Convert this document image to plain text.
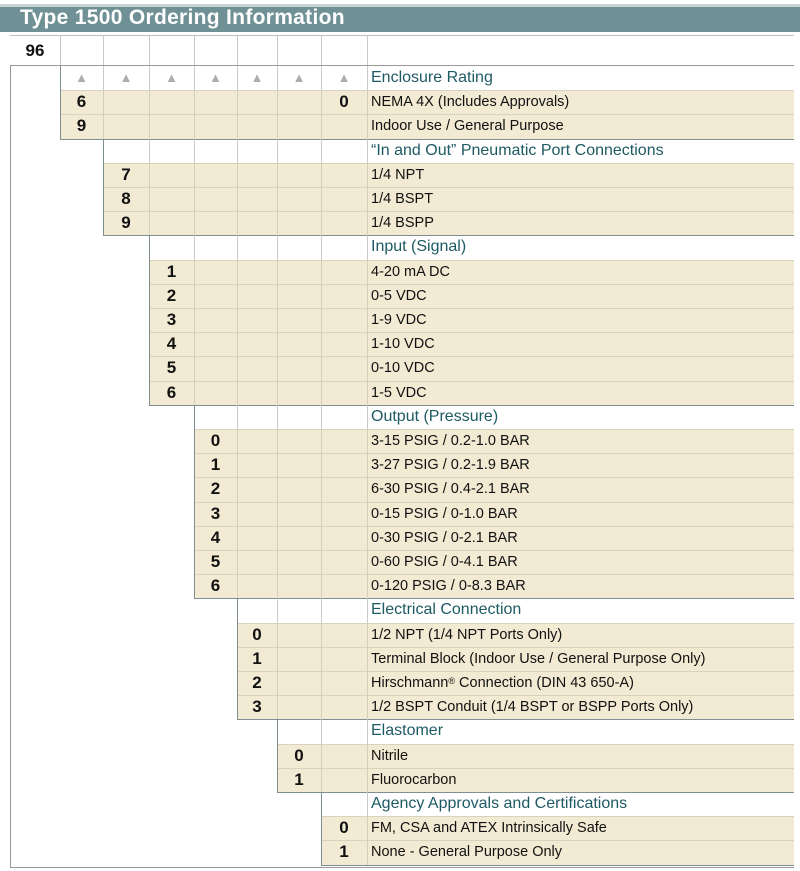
Type 1500 Ordering Information
96
▲	▲	▲	▲	▲	▲	▲	Enclosure Rating
6	0	NEMA 4X (Includes Approvals)
9	Indoor Use / General Purpose
“In and Out” Pneumatic Port Connections
7	1/4 NPT
8	1/4 BSPT
9	1/4 BSPP
Input (Signal)
1	4-20 mA DC
2	0-5 VDC
3	1-9 VDC
4	1-10 VDC
5	0-10 VDC
6	1-5 VDC
Output (Pressure)
0	3-15 PSIG / 0.2-1.0 BAR
1	3-27 PSIG / 0.2-1.9 BAR
2	6-30 PSIG / 0.4-2.1 BAR
3	0-15 PSIG / 0-1.0 BAR
4	0-30 PSIG / 0-2.1 BAR
5	0-60 PSIG / 0-4.1 BAR
6	0-120 PSIG / 0-8.3 BAR
Electrical Connection
0	1/2 NPT (1/4 NPT Ports Only)
1	Terminal Block (Indoor Use / General Purpose Only)
2	Hirschmann® Connection (DIN 43 650-A)
3	1/2 BSPT Conduit (1/4 BSPT or BSPP Ports Only)
Elastomer
0	Nitrile
1	Fluorocarbon
Agency Approvals and Certifications
0	FM, CSA and ATEX Intrinsically Safe
1	None - General Purpose Only
